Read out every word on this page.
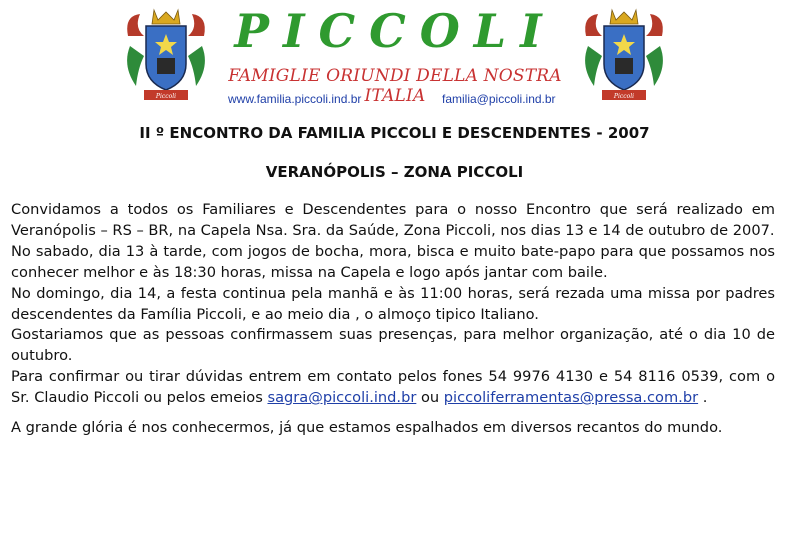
Piccoli	Piccoli
PICCOLI
FAMIGLIE ORIUNDI DELLA NOSTRA ITALIA
www.familia.piccoli.ind.br	familia@piccoli.ind.br
II º ENCONTRO DA FAMILIA PICCOLI E DESCENDENTES - 2007
VERANÓPOLIS – ZONA PICCOLI

Convidamos a todos os Familiares e Descendentes para o nosso Encontro que será realizado em Veranópolis – RS – BR, na Capela Nsa. Sra. da Saúde, Zona Piccoli, nos dias 13 e 14 de outubro de 2007.

No sabado, dia 13 à tarde, com jogos de bocha, mora, bisca e muito bate-papo para que possamos nos conhecer melhor e às 18:30 horas, missa na Capela e logo após jantar com baile.

No domingo, dia 14, a festa continua pela manhã e às 11:00 horas, será rezada uma missa por padres descendentes da Família Piccoli, e ao meio dia , o almoço tipico Italiano.

Gostariamos que as pessoas confirmassem suas presenças, para melhor organização, até o dia 10 de outubro.

Para confirmar ou tirar dúvidas entrem em contato pelos fones 54 9976 4130 e 54 8116 0539, com o Sr. Claudio Piccoli ou pelos emeios sagra@piccoli.ind.br ou piccoliferramentas@pressa.com.br .

A grande glória é nos conhecermos, já que estamos espalhados em diversos recantos do mundo.
